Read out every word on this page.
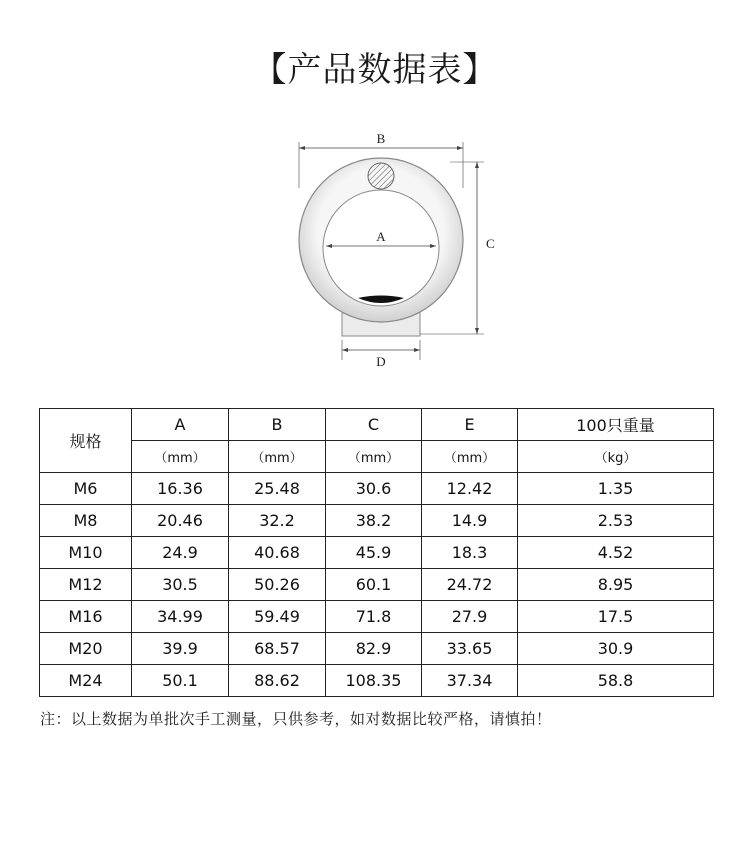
【产品数据表】
B
A	C
D
规格	A	B	C	E	100只重量
	（mm）	（mm）	（mm）	（mm）	（kg）
M6	16.36	25.48	30.6	12.42	1.35
M8	20.46	32.2	38.2	14.9	2.53
M10	24.9	40.68	45.9	18.3	4.52
M12	30.5	50.26	60.1	24.72	8.95
M16	34.99	59.49	71.8	27.9	17.5
M20	39.9	68.57	82.9	33.65	30.9
M24	50.1	88.62	108.35	37.34	58.8
注：以上数据为单批次手工测量，只供参考，如对数据比较严格，请慎拍！
